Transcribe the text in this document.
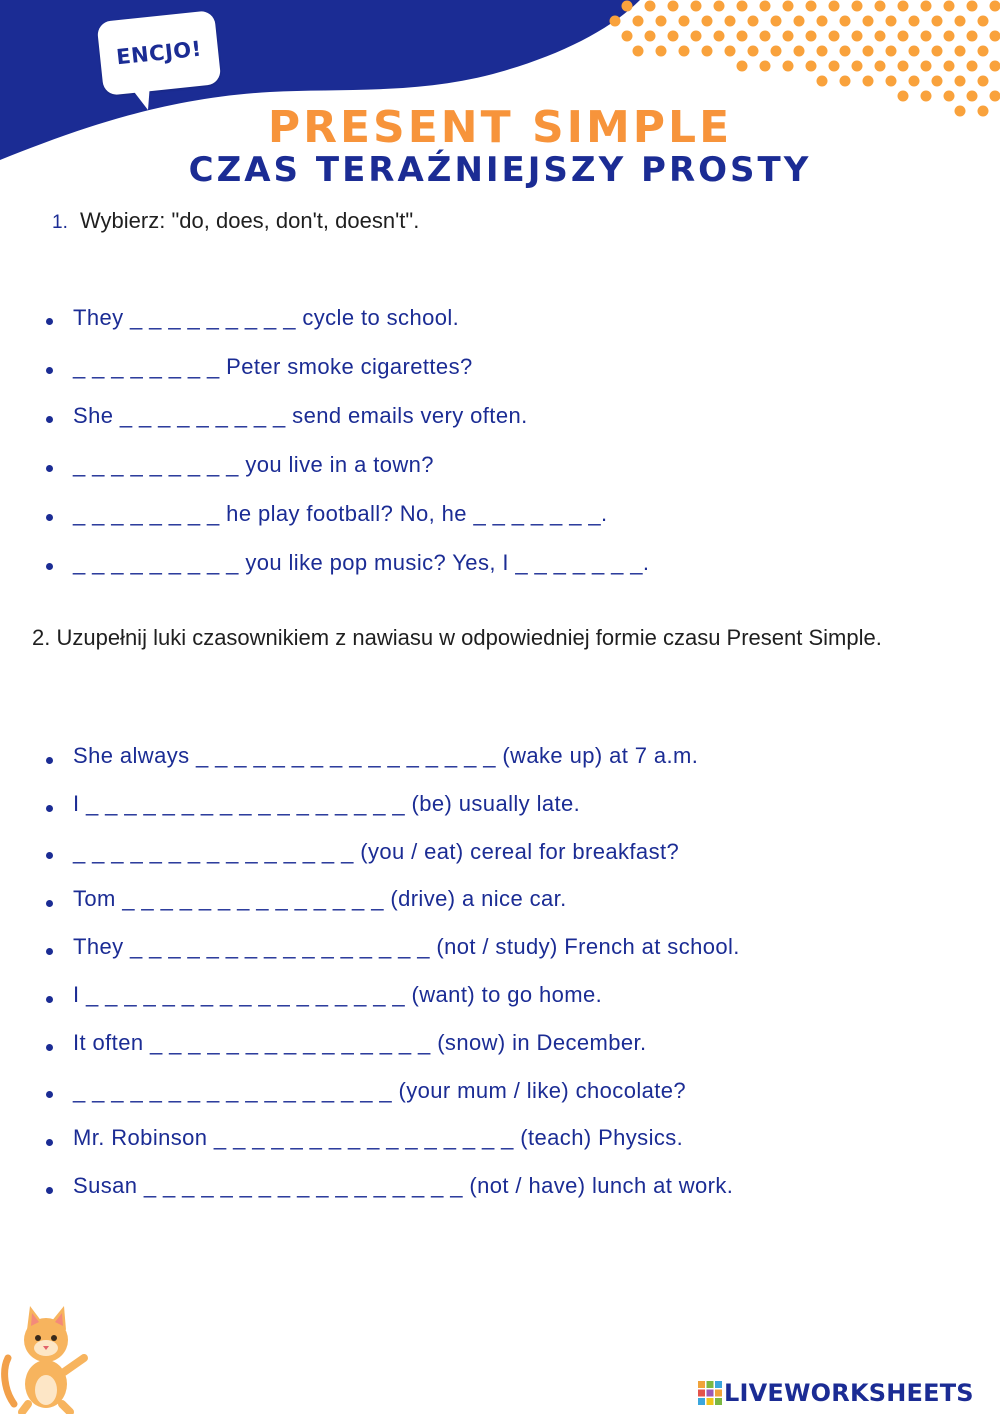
ENCJO!
PRESENT SIMPLE
CZAS TERAŹNIEJSZY PROSTY

1. Wybierz: "do, does, don't, doesn't".

They _ _ _ _ _ _ _ _ _ cycle to school.
_ _ _ _ _ _ _ _ Peter smoke cigarettes?
She _ _ _ _ _ _ _ _ _ send emails very often.
_ _ _ _ _ _ _ _ _ you live in a town?
_ _ _ _ _ _ _ _ he play football? No, he _ _ _ _ _ _ _.
_ _ _ _ _ _ _ _ _ you like pop music? Yes, I _ _ _ _ _ _ _.

2. Uzupełnij luki czasownikiem z nawiasu w odpowiedniej formie czasu Present Simple.

She always _ _ _ _ _ _ _ _ _ _ _ _ _ _ _ _ (wake up) at 7 a.m.
I _ _ _ _ _ _ _ _ _ _ _ _ _ _ _ _ _ (be) usually late.
_ _ _ _ _ _ _ _ _ _ _ _ _ _ _ (you / eat) cereal for breakfast?
Tom _ _ _ _ _ _ _ _ _ _ _ _ _ _ (drive) a nice car.
They _ _ _ _ _ _ _ _ _ _ _ _ _ _ _ _ (not / study) French at school.
I _ _ _ _ _ _ _ _ _ _ _ _ _ _ _ _ _ (want) to go home.
It often _ _ _ _ _ _ _ _ _ _ _ _ _ _ _ (snow) in December.
_ _ _ _ _ _ _ _ _ _ _ _ _ _ _ _ _ (your mum / like) chocolate?
Mr. Robinson _ _ _ _ _ _ _ _ _ _ _ _ _ _ _ _ (teach) Physics.
Susan _ _ _ _ _ _ _ _ _ _ _ _ _ _ _ _ _ (not / have) lunch at work.
LIVEWORKSHEETS
